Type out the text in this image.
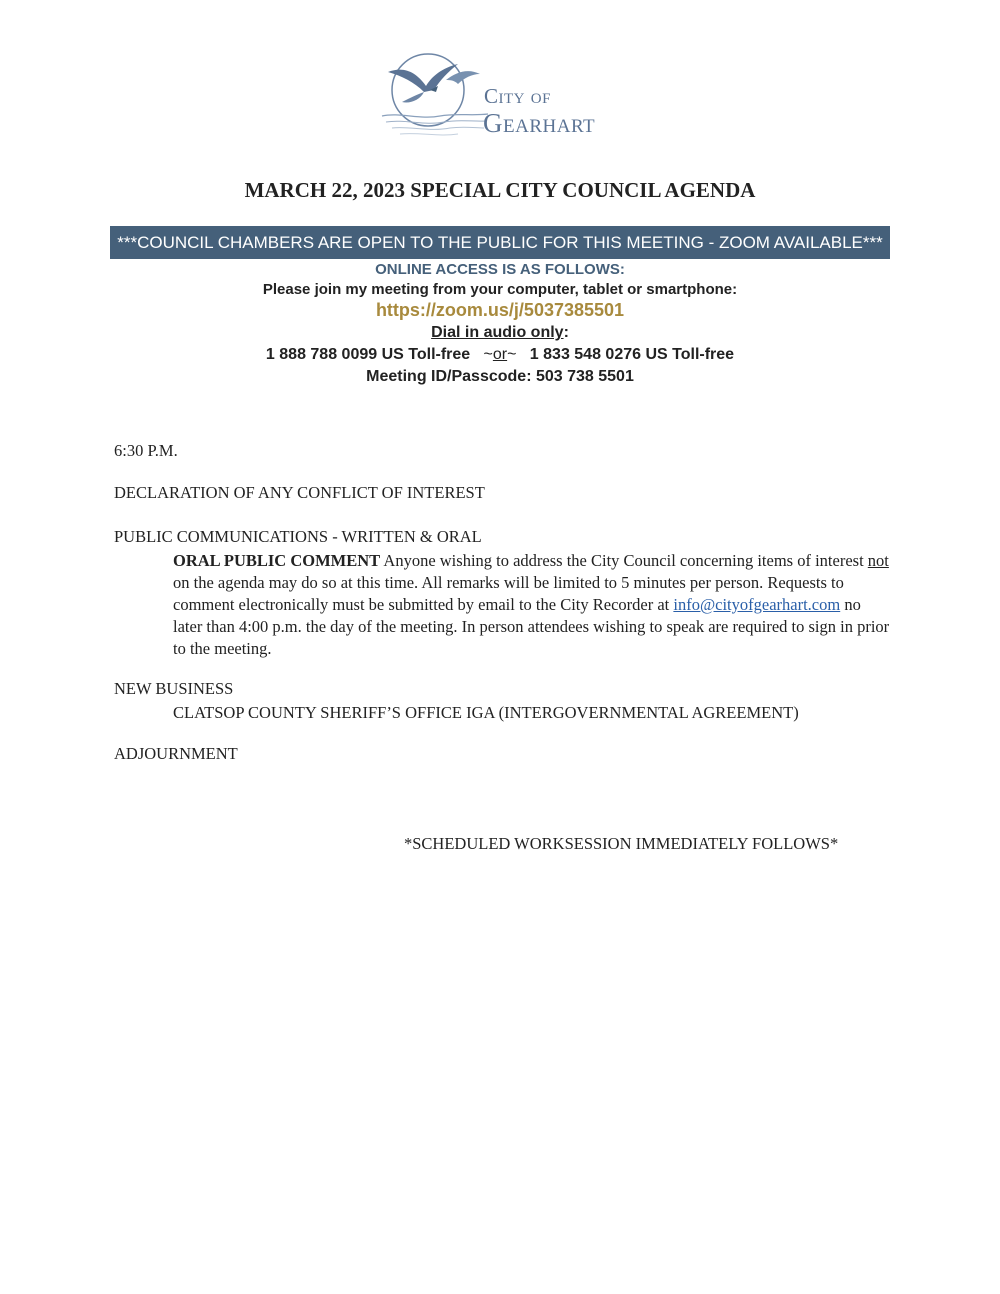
City of
Gearhart
MARCH 22, 2023 SPECIAL CITY COUNCIL AGENDA
***COUNCIL CHAMBERS ARE OPEN TO THE PUBLIC FOR THIS MEETING - ZOOM AVAILABLE***
ONLINE ACCESS IS AS FOLLOWS:
Please join my meeting from your computer, tablet or smartphone:
https://zoom.us/j/5037385501
Dial in audio only:
1 888 788 0099 US Toll-free ~or~ 1 833 548 0276 US Toll-free
Meeting ID/Passcode: 503 738 5501
6:30 P.M.
DECLARATION OF ANY CONFLICT OF INTEREST
PUBLIC COMMUNICATIONS - WRITTEN & ORAL
ORAL PUBLIC COMMENT Anyone wishing to address the City Council concerning items of interest not on the agenda may do so at this time. All remarks will be limited to 5 minutes per person. Requests to comment electronically must be submitted by email to the City Recorder at info@cityofgearhart.com no later than 4:00 p.m. the day of the meeting. In person attendees wishing to speak are required to sign in prior to the meeting.
NEW BUSINESS
CLATSOP COUNTY SHERIFF’S OFFICE IGA (INTERGOVERNMENTAL AGREEMENT)
ADJOURNMENT
*SCHEDULED WORKSESSION IMMEDIATELY FOLLOWS*
